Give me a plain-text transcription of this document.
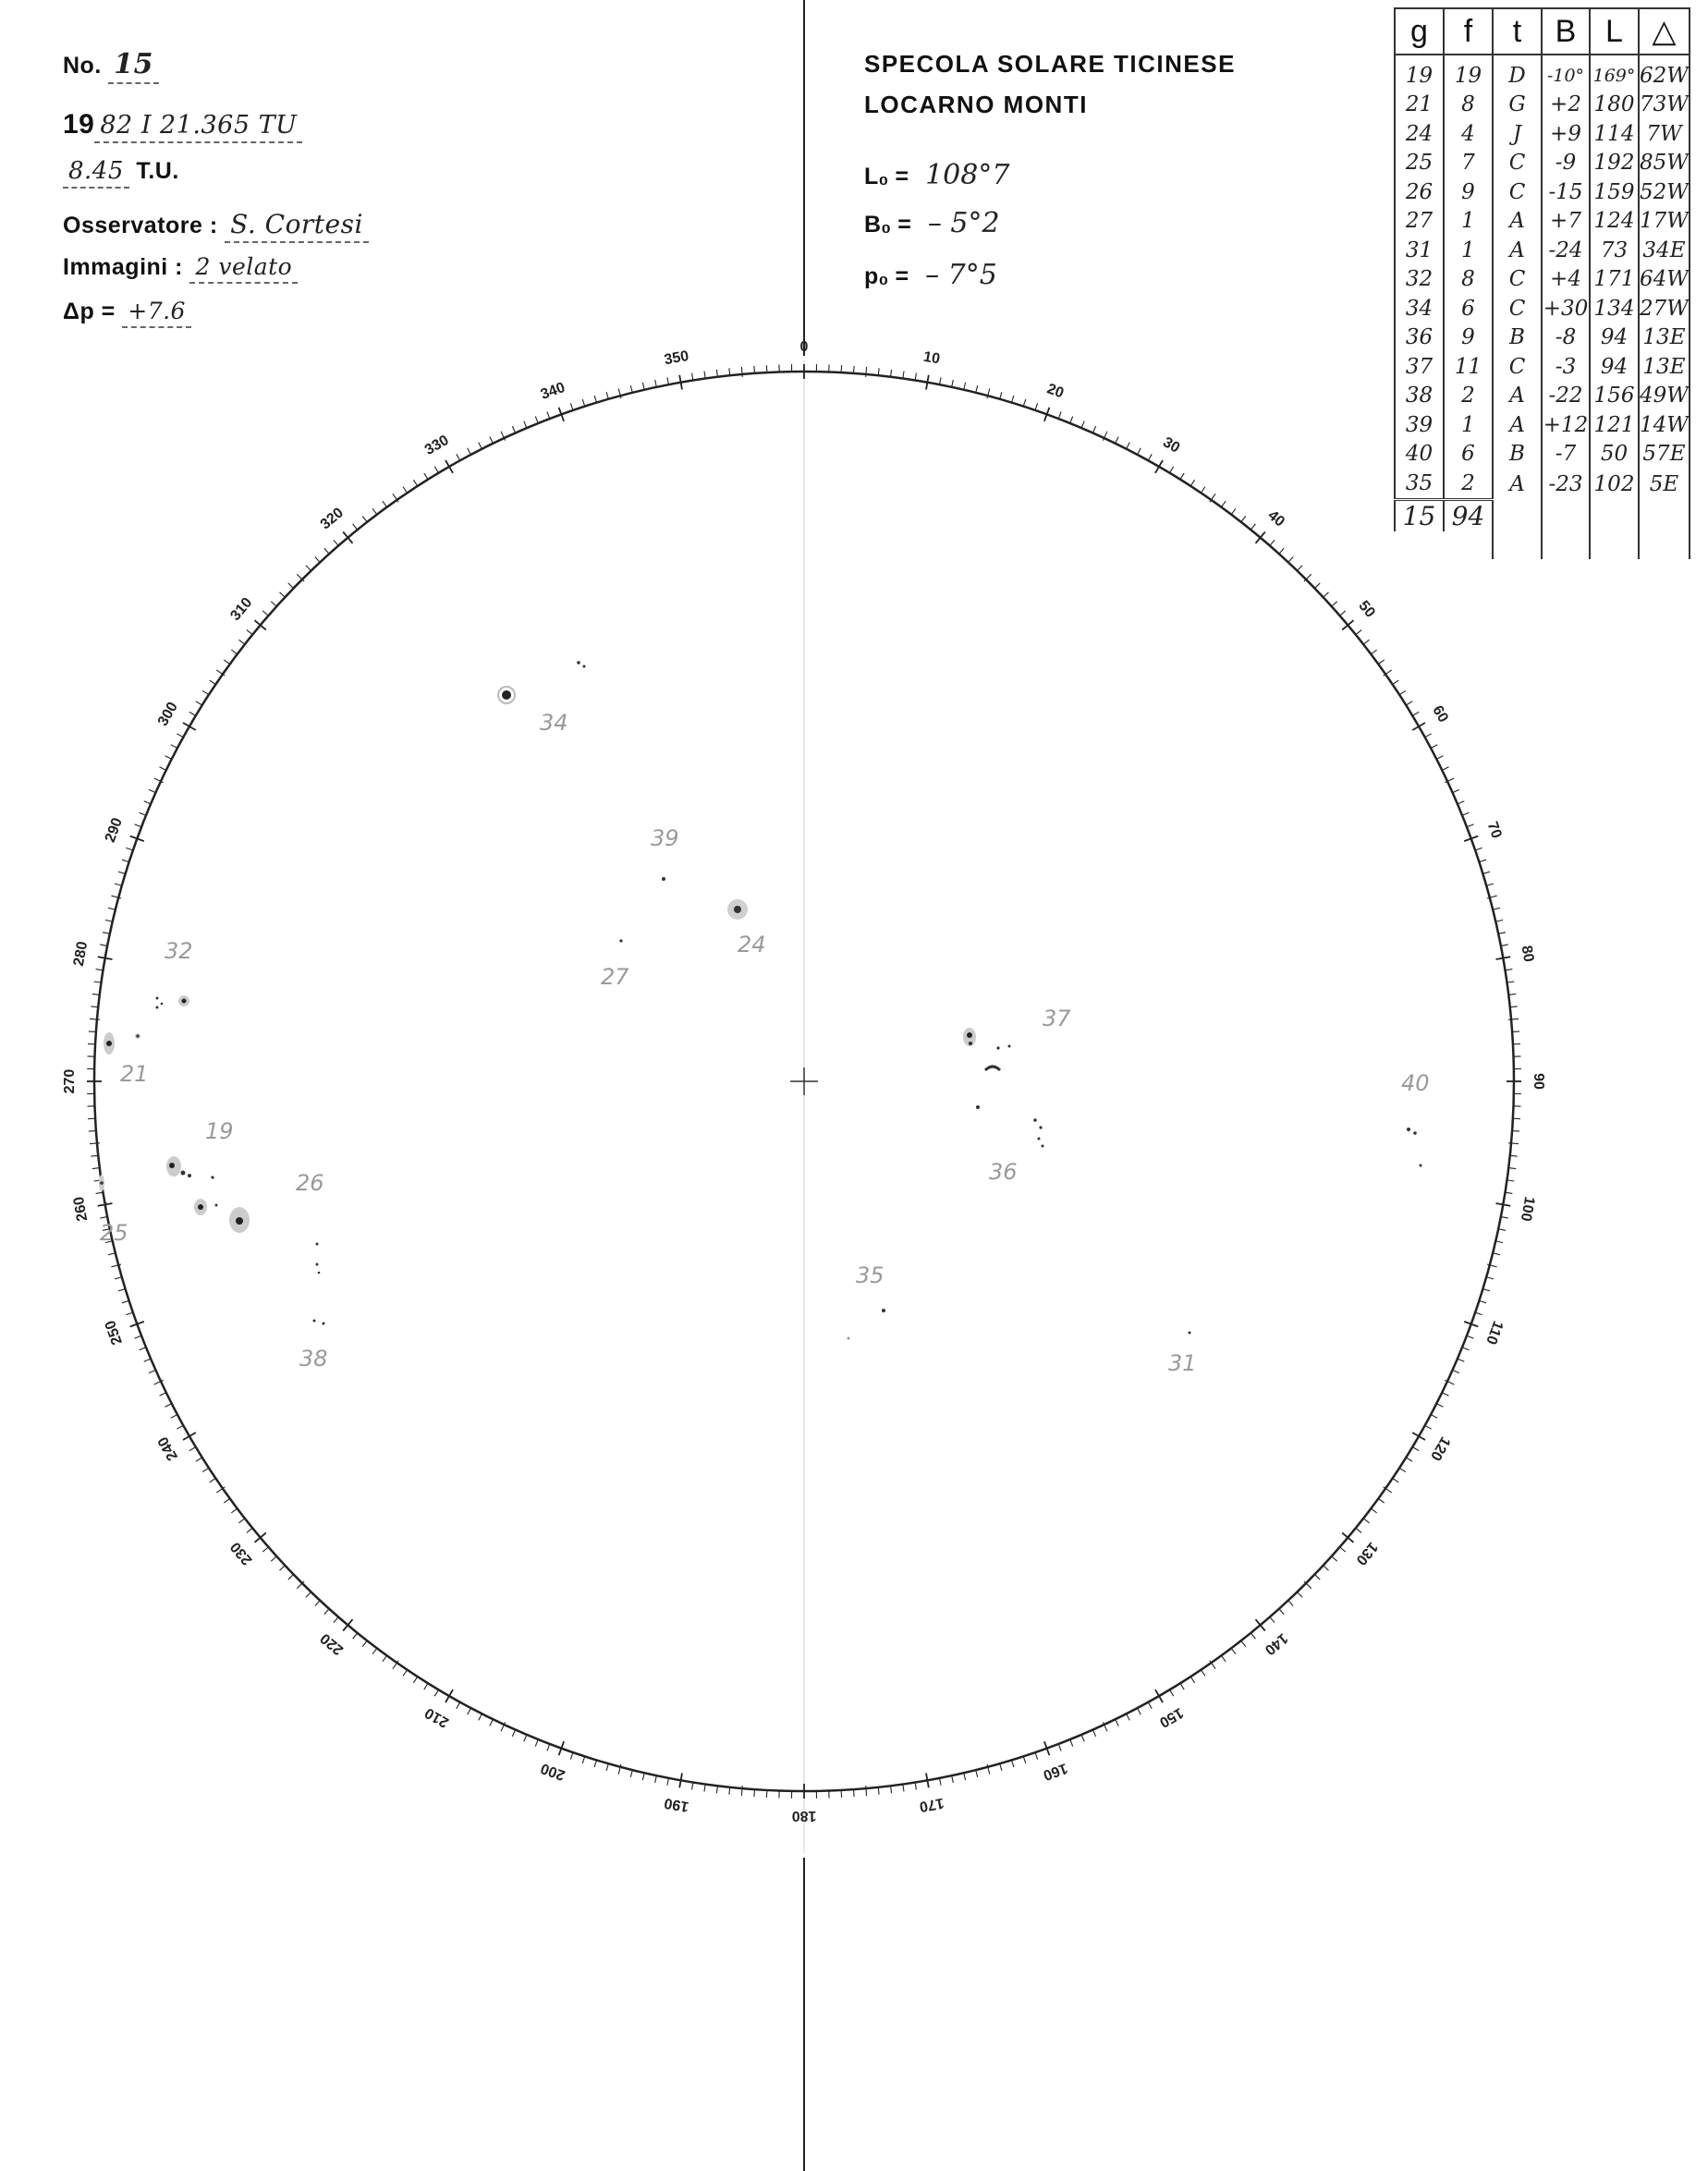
0
10
20
30
40
50
60
70
80
90
100
110
120
130
140
150
160
170
180
190
200
210
220
230
240
250
260
270
280
290
300
310
320
330
340
350
34
39
24
27
32
21
19
25
26
38
37
36
35
31
40
No. 15
19 82 I 21.365 TU
8.45 T.U.
Osservatore : S. Cortesi
Immagini : 2 velato
Δp = +7.6
SPECOLA SOLARE TICINESE
LOCARNO MONTI
L₀ = 108°7
B₀ = – 5°2
p₀ = – 7°5
g	f	t	B	L	△
19	19	D	-10°	169°	62W
21	8	G	+2	180	73W
24	4	J	+9	114	7W
25	7	C	-9	192	85W
26	9	C	-15	159	52W
27	1	A	+7	124	17W
31	1	A	-24	73	34E
32	8	C	+4	171	64W
34	6	C	+30	134	27W
36	9	B	-8	94	13E
37	11	C	-3	94	13E
38	2	A	-22	156	49W
39	1	A	+12	121	14W
40	6	B	-7	50	57E
35	2	A	-23	102	5E
15	94				
